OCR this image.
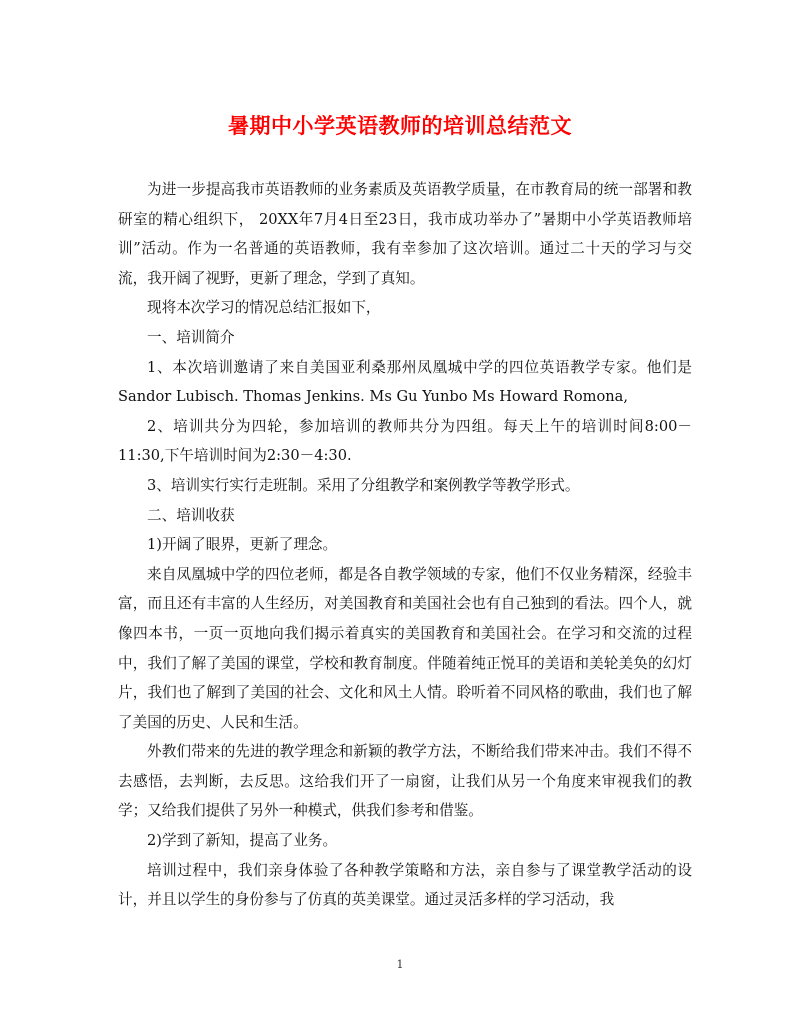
暑期中小学英语教师的培训总结范文

为进一步提高我市英语教师的业务素质及英语教学质量，在市教育局的统一部署和教研室的精心组织下， 20XX年7月4日至23日，我市成功举办了”暑期中小学英语教师培训”活动。作为一名普通的英语教师，我有幸参加了这次培训。通过二十天的学习与交流，我开阔了视野，更新了理念，学到了真知。

现将本次学习的情况总结汇报如下，

一、培训简介

1、本次培训邀请了来自美国亚利桑那州凤凰城中学的四位英语教学专家。他们是 Sandor Lubisch. Thomas Jenkins. Ms Gu Yunbo Ms Howard Romona,

2、培训共分为四轮，参加培训的教师共分为四组。每天上午的培训时间8:00－11:30,下午培训时间为2:30－4:30.

3、培训实行实行走班制。采用了分组教学和案例教学等教学形式。

二、培训收获

1)开阔了眼界，更新了理念。

来自凤凰城中学的四位老师，都是各自教学领域的专家，他们不仅业务精深，经验丰富，而且还有丰富的人生经历，对美国教育和美国社会也有自己独到的看法。四个人，就像四本书，一页一页地向我们揭示着真实的美国教育和美国社会。在学习和交流的过程中，我们了解了美国的课堂，学校和教育制度。伴随着纯正悦耳的美语和美轮美奂的幻灯片，我们也了解到了美国的社会、文化和风土人情。聆听着不同风格的歌曲，我们也了解了美国的历史、人民和生活。

外教们带来的先进的教学理念和新颖的教学方法，不断给我们带来冲击。我们不得不去感悟，去判断，去反思。这给我们开了一扇窗，让我们从另一个角度来审视我们的教学；又给我们提供了另外一种模式，供我们参考和借鉴。

2)学到了新知，提高了业务。

培训过程中，我们亲身体验了各种教学策略和方法，亲自参与了课堂教学活动的设计，并且以学生的身份参与了仿真的英美课堂。通过灵活多样的学习活动，我

1
